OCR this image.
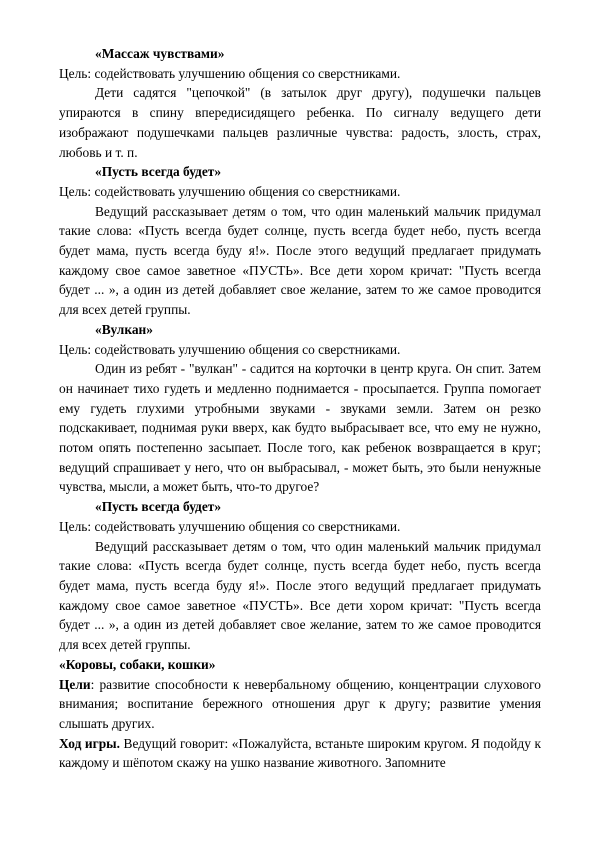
«Массаж чувствами»

Цель: содействовать улучшению общения со сверстниками.

Дети садятся "цепочкой" (в затылок друг другу), подушечки пальцев упираются в спину впередисидящего ребенка. По сигналу ведущего дети изображают подушечками пальцев различные чувства: радость, злость, страх, любовь и т. п.

«Пусть всегда будет»

Цель: содействовать улучшению общения со сверстниками.

Ведущий рассказывает детям о том, что один маленький мальчик придумал такие слова: «Пусть всегда будет солнце, пусть всегда будет небо, пусть всегда будет мама, пусть всегда буду я!». После этого ведущий предлагает придумать каждому свое самое заветное «ПУСТЬ». Все дети хором кричат: "Пусть всегда будет ... », а один из детей добавляет свое желание, затем то же самое проводится для всех детей группы.

«Вулкан»

Цель: содействовать улучшению общения со сверстниками.

Один из ребят - "вулкан" - садится на корточки в центр круга. Он спит. Затем он начинает тихо гудеть и медленно поднимается - просыпается. Группа помогает ему гудеть глухими утробными звуками - звуками земли. Затем он резко подскакивает, поднимая руки вверх, как будто выбрасывает все, что ему не нужно, потом опять постепенно засыпает. После того, как ребенок возвращается в круг; ведущий спрашивает у него, что он выбрасывал, - может быть, это были ненужные чувства, мысли, а может быть, что-то другое?

«Пусть всегда будет»

Цель: содействовать улучшению общения со сверстниками.

Ведущий рассказывает детям о том, что один маленький мальчик придумал такие слова: «Пусть всегда будет солнце, пусть всегда будет небо, пусть всегда будет мама, пусть всегда буду я!». После этого ведущий предлагает придумать каждому свое самое заветное «ПУСТЬ». Все дети хором кричат: "Пусть всегда будет ... », а один из детей добавляет свое желание, затем то же самое проводится для всех детей группы.

«Коровы, собаки, кошки»

Цели: развитие способности к невербальному общению, концентрации слухового внимания; воспитание бережного отношения друг к другу; развитие умения слышать других.

Ход игры. Ведущий говорит: «Пожалуйста, встаньте широким кругом. Я подойду к каждому и шёпотом скажу на ушко название животного. Запомните
